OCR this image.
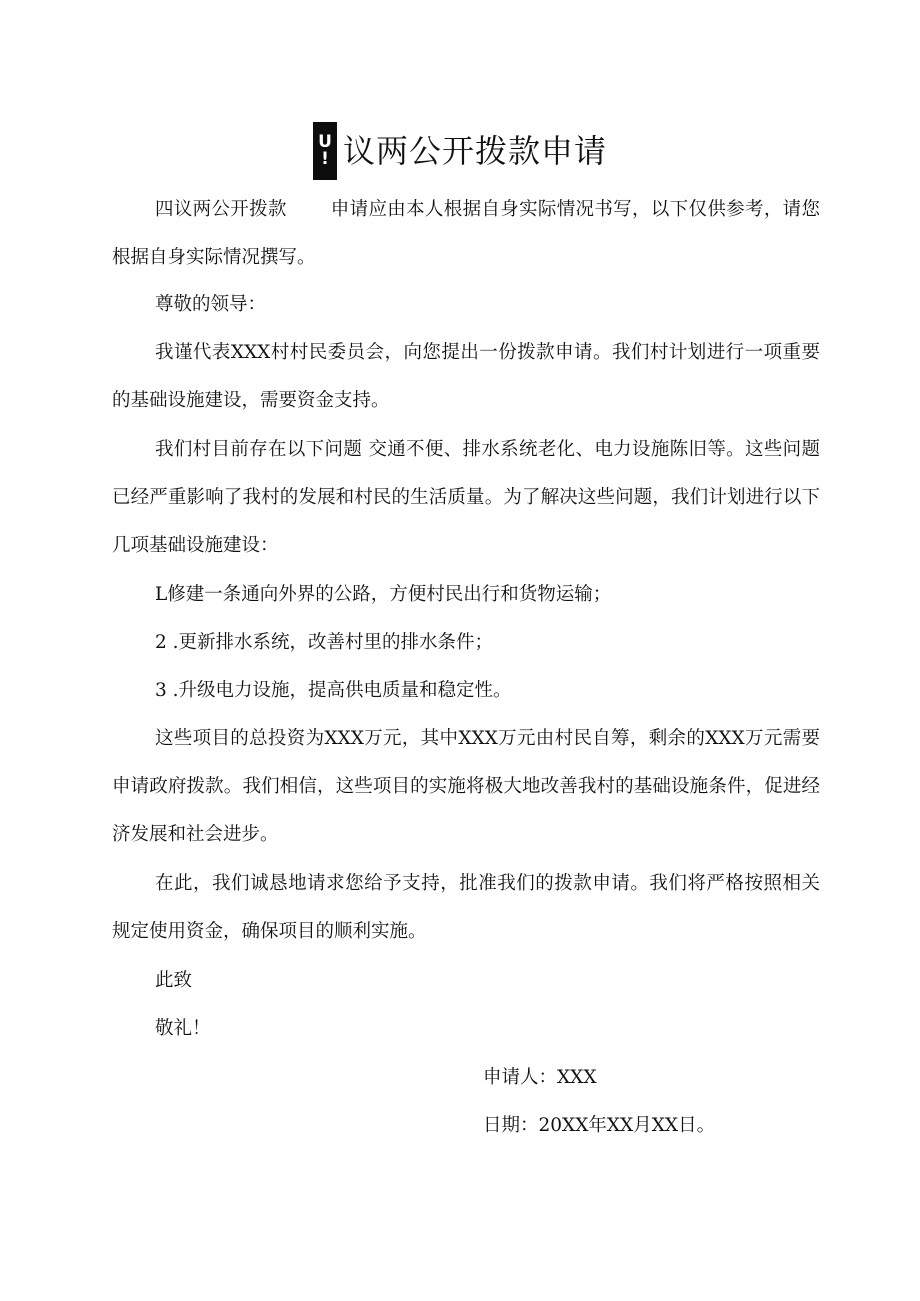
U
! 议两公开拨款申请

四议两公开拨款 申请应由本人根据自身实际情况书写，以下仅供参考，请您根据自身实际情况撰写。

尊敬的领导：

我谨代表XXX村村民委员会，向您提出一份拨款申请。我们村计划进行一项重要的基础设施建设，需要资金支持。

我们村目前存在以下问题 交通不便、排水系统老化、电力设施陈旧等。这些问题已经严重影响了我村的发展和村民的生活质量。为了解决这些问题，我们计划进行以下几项基础设施建设：

L修建一条通向外界的公路，方便村民出行和货物运输；

2 .更新排水系统，改善村里的排水条件；

3 .升级电力设施，提高供电质量和稳定性。

这些项目的总投资为XXX万元，其中XXX万元由村民自筹，剩余的XXX万元需要申请政府拨款。我们相信，这些项目的实施将极大地改善我村的基础设施条件，促进经济发展和社会进步。

在此，我们诚恳地请求您给予支持，批准我们的拨款申请。我们将严格按照相关规定使用资金，确保项目的顺利实施。

此致

敬礼！

申请人：XXX

日期：20XX年XX月XX日。
